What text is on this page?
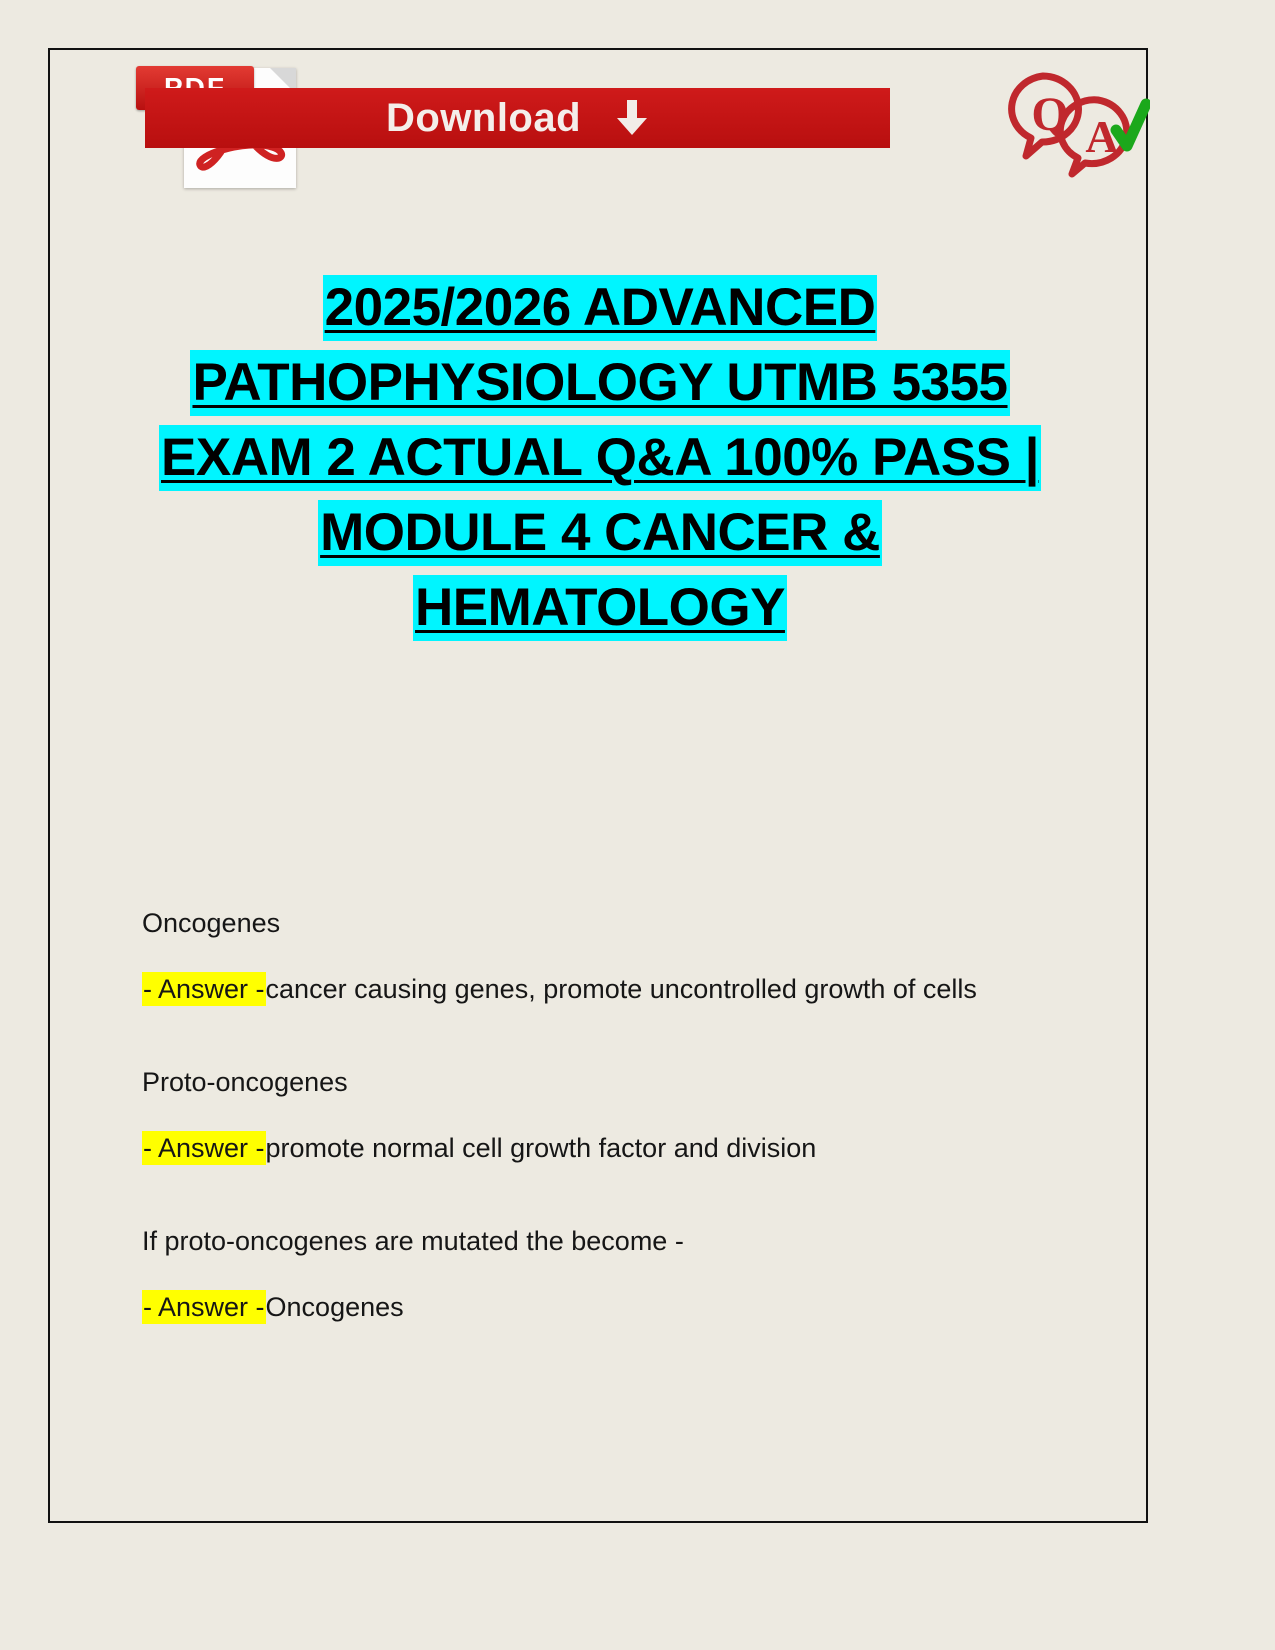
Download	Q A
2025/2026 ADVANCED
PATHOPHYSIOLOGY UTMB 5355
EXAM 2 ACTUAL Q&A 100% PASS |
MODULE 4 CANCER &
HEMATOLOGY
Oncogenes
- Answer -cancer causing genes, promote uncontrolled growth of cells
Proto-oncogenes
- Answer -promote normal cell growth factor and division
If proto-oncogenes are mutated the become -
- Answer -Oncogenes
